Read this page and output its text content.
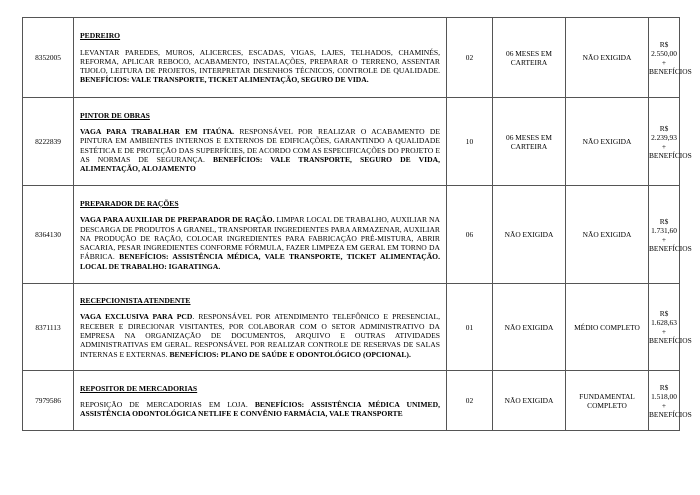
8352005	PEDREIRO
LEVANTAR PAREDES, MUROS, ALICERCES, ESCADAS, VIGAS, LAJES, TELHADOS, CHAMINÉS, REFORMA, APLICAR REBOCO, ACABAMENTO, INSTALAÇÕES, PREPARAR O TERRENO, ASSENTAR TIJOLO, LEITURA DE PROJETOS, INTERPRETAR DESENHOS TÉCNICOS, CONTROLE DE QUALIDADE. BENEFÍCIOS: VALE TRANSPORTE, TICKET ALIMENTAÇÃO, SEGURO DE VIDA.	02	06 MESES EM CARTEIRA	NÃO EXIGIDA	R$ 2.550,00 + BENEFÍCIOS
8222839	PINTOR DE OBRAS
VAGA PARA TRABALHAR EM ITAÚNA. RESPONSÁVEL POR REALIZAR O ACABAMENTO DE PINTURA EM AMBIENTES INTERNOS E EXTERNOS DE EDIFICAÇÕES, GARANTINDO A QUALIDADE ESTÉTICA E DE PROTEÇÃO DAS SUPERFÍCIES, DE ACORDO COM AS ESPECIFICAÇÕES DO PROJETO E AS NORMAS DE SEGURANÇA. BENEFÍCIOS: VALE TRANSPORTE, SEGURO DE VIDA, ALIMENTAÇÃO, ALOJAMENTO	10	06 MESES EM CARTEIRA	NÃO EXIGIDA	R$ 2.239,93 + BENEFÍCIOS
8364130	PREPARADOR DE RAÇÕES
VAGA PARA AUXILIAR DE PREPARADOR DE RAÇÃO. LIMPAR LOCAL DE TRABALHO, AUXILIAR NA DESCARGA DE PRODUTOS A GRANEL, TRANSPORTAR INGREDIENTES PARA ARMAZENAR, AUXILIAR NA PRODUÇÃO DE RAÇÃO, COLOCAR INGREDIENTES PARA FABRICAÇÃO PRÉ-MISTURA, ABRIR SACARIA, PESAR INGREDIENTES CONFORME FÓRMULA, FAZER LIMPEZA EM GERAL EM TORNO DA FÁBRICA. BENEFÍCIOS: ASSISTÊNCIA MÉDICA, VALE TRANSPORTE, TICKET ALIMENTAÇÃO. LOCAL DE TRABALHO: IGARATINGA.	06	NÃO EXIGIDA	NÃO EXIGIDA	R$ 1.731,60 + BENEFÍCIOS
8371113	RECEPCIONISTA ATENDENTE
VAGA EXCLUSIVA PARA PCD. RESPONSÁVEL POR ATENDIMENTO TELEFÔNICO E PRESENCIAL, RECEBER E DIRECIONAR VISITANTES, POR COLABORAR COM O SETOR ADMINISTRATIVO DA EMPRESA NA ORGANIZAÇÃO DE DOCUMENTOS, ARQUIVO E OUTRAS ATIVIDADES ADMINISTRATIVAS EM GERAL. RESPONSÁVEL POR REALIZAR CONTROLE DE RESERVAS DE SALAS INTERNAS E EXTERNAS. BENEFÍCIOS: PLANO DE SAÚDE E ODONTOLÓGICO (OPCIONAL).	01	NÃO EXIGIDA	MÉDIO COMPLETO	R$ 1.628,63 + BENEFÍCIOS
7979586	REPOSITOR DE MERCADORIAS
REPOSIÇÃO DE MERCADORIAS EM LOJA. BENEFÍCIOS: ASSISTÊNCIA MÉDICA UNIMED, ASSISTÊNCIA ODONTOLÓGICA NETLIFE E CONVÊNIO FARMÁCIA, VALE TRANSPORTE	02	NÃO EXIGIDA	FUNDAMENTAL COMPLETO	R$ 1.518,00 + BENEFÍCIOS
